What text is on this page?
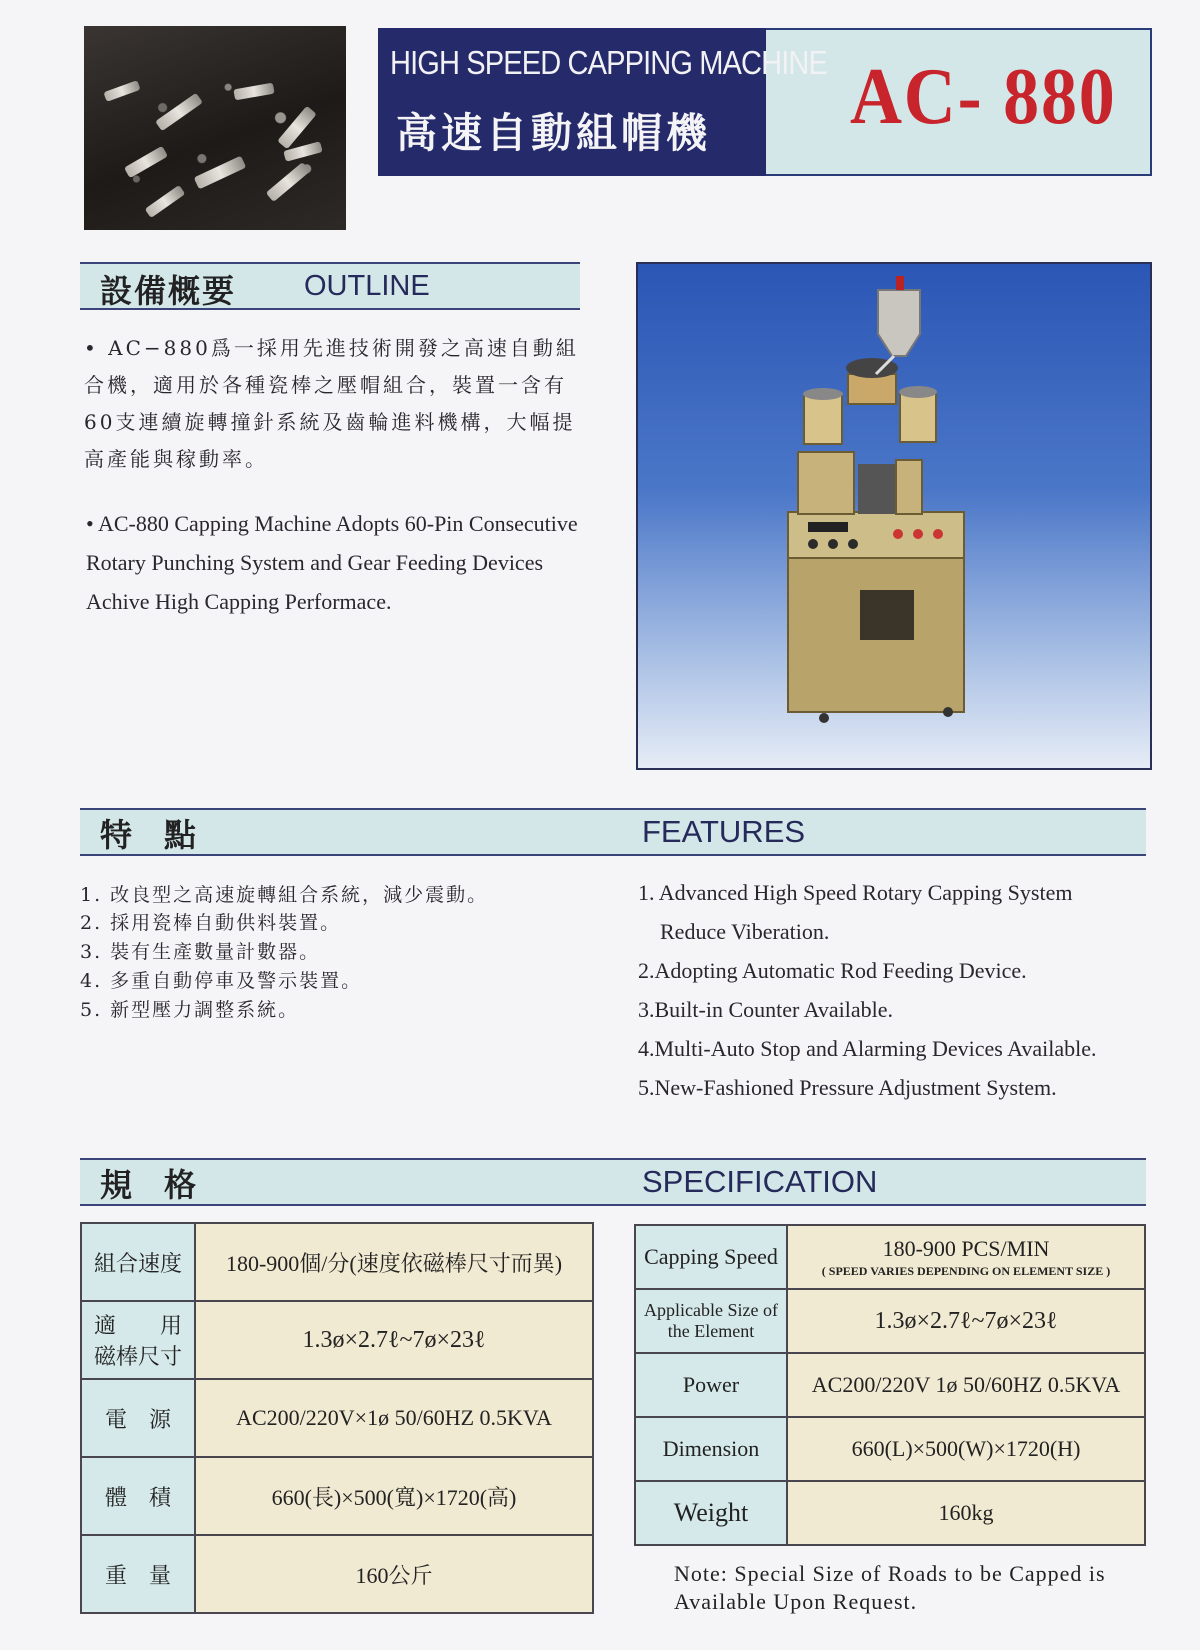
HIGH SPEED CAPPING MACHINE
高速自動組帽機 AC- 880
設備概要 OUTLINE
• AC−880爲一採用先進技術開發之高速自動組合機，適用於各種瓷棒之壓帽組合，裝置一含有60支連續旋轉撞針系統及齒輪進料機構，大幅提高產能與稼動率。
• AC-880 Capping Machine Adopts 60-Pin Consecutive Rotary Punching System and Gear Feeding Devices Achive High Capping Performace.
特　點	FEATURES
1. 改良型之高速旋轉組合系統，減少震動。
2. 採用瓷棒自動供料裝置。
3. 裝有生產數量計數器。
4. 多重自動停車及警示裝置。
5. 新型壓力調整系統。
1. Advanced High Speed Rotary Capping System
Reduce Viberation.
2.Adopting Automatic Rod Feeding Device.
3.Built-in Counter Available.
4.Multi-Auto Stop and Alarming Devices Available.
5.New-Fashioned Pressure Adjustment System.
規　格	SPECIFICATION
組合速度	180-900個/分(速度依磁棒尺寸而異)
適　　用 磁棒尺寸	1.3ø×2.7ℓ~7ø×23ℓ
電　源	AC200/220V×1ø 50/60HZ 0.5KVA
體　積	660(長)×500(寬)×1720(高)
重　量	160公斤
Capping Speed	180-900 PCS/MIN
( SPEED VARIES DEPENDING ON ELEMENT SIZE )

Applicable Size of the Element	1.3ø×2.7ℓ~7ø×23ℓ
Power	AC200/220V 1ø 50/60HZ 0.5KVA
Dimension	660(L)×500(W)×1720(H)
Weight	160kg
Note: Special Size of Roads to be Capped is Available Upon Request.
